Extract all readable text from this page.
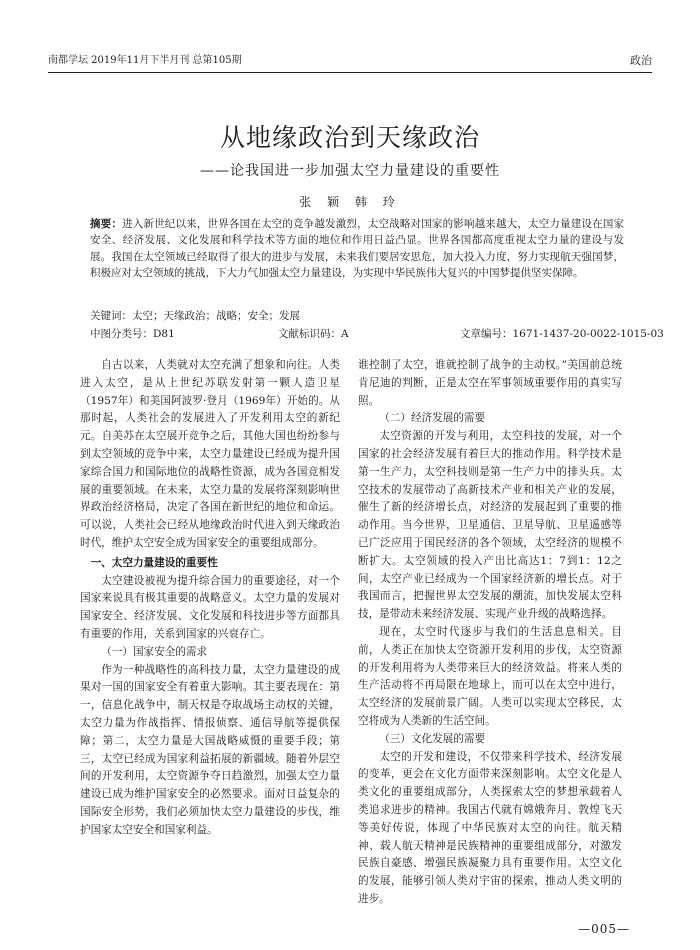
南都学坛 2019年11月下半月刊 总第105期	政治
从地缘政治到天缘政治
——论我国进一步加强太空力量建设的重要性
张 颖 韩 玲
摘要：进入新世纪以来，世界各国在太空的竞争越发激烈，太空战略对国家的影响越来越大，太空力量建设在国家安全、经济发展、文化发展和科学技术等方面的地位和作用日益凸显。世界各国都高度重视太空力量的建设与发展。我国在太空领域已经取得了很大的进步与发展，未来我们要居安思危，加大投入力度，努力实现航天强国梦，积极应对太空领域的挑战，下大力气加强太空力量建设，为实现中华民族伟大复兴的中国梦提供坚实保障。
关键词：太空；天缘政治；战略；安全；发展
中图分类号：D81	文献标识码：A	文章编号：1671-1437-20-0022-1015-03

自古以来，人类就对太空充满了想象和向往。人类进入太空，是从上世纪苏联发射第一颗人造卫星（1957年）和美国阿波罗·登月（1969年）开始的。从那时起，人类社会的发展进入了开发利用太空的新纪元。自美苏在太空展开竞争之后，其他大国也纷纷参与到太空领域的竞争中来，太空力量建设已经成为提升国家综合国力和国际地位的战略性资源，成为各国竞相发展的重要领域。在未来，太空力量的发展将深刻影响世界政治经济格局，决定了各国在新世纪的地位和命运。可以说，人类社会已经从地缘政治时代进入到天缘政治时代，维护太空安全成为国家安全的重要组成部分。

一、太空力量建设的重要性

太空建设被视为提升综合国力的重要途径，对一个国家来说具有极其重要的战略意义。太空力量的发展对国家安全、经济发展、文化发展和科技进步等方面都具有重要的作用，关系到国家的兴衰存亡。

（一）国家安全的需求

作为一种战略性的高科技力量，太空力量建设的成果对一国的国家安全有着重大影响。其主要表现在：第一，信息化战争中，制天权是夺取战场主动权的关键，太空力量为作战指挥、情报侦察、通信导航等提供保障；第二，太空力量是大国战略威慑的重要手段；第三，太空已经成为国家利益拓展的新疆域。随着外层空间的开发利用，太空资源争夺日趋激烈，加强太空力量建设已成为维护国家安全的必然要求。面对日益复杂的国际安全形势，我们必须加快太空力量建设的步伐，维护国家太空安全和国家利益。

谁控制了太空，谁就控制了战争的主动权。”美国前总统肯尼迪的判断，正是太空在军事领域重要作用的真实写照。

（二）经济发展的需要

太空资源的开发与利用，太空科技的发展，对一个国家的社会经济发展有着巨大的推动作用。科学技术是第一生产力，太空科技则是第一生产力中的排头兵。太空技术的发展带动了高新技术产业和相关产业的发展，催生了新的经济增长点，对经济的发展起到了重要的推动作用。当今世界，卫星通信、卫星导航、卫星遥感等已广泛应用于国民经济的各个领域，太空经济的规模不断扩大。太空领域的投入产出比高达1：7到1：12之间，太空产业已经成为一个国家经济新的增长点。对于我国而言，把握世界太空发展的潮流，加快发展太空科技，是带动未来经济发展、实现产业升级的战略选择。

现在，太空时代逐步与我们的生活息息相关。目前，人类正在加快太空资源开发利用的步伐，太空资源的开发利用将为人类带来巨大的经济效益。将来人类的生产活动将不再局限在地球上，而可以在太空中进行，太空经济的发展前景广阔。人类可以实现太空移民，太空将成为人类新的生活空间。

（三）文化发展的需要

太空的开发和建设，不仅带来科学技术、经济发展的变革，更会在文化方面带来深刻影响。太空文化是人类文化的重要组成部分，人类探索太空的梦想承载着人类追求进步的精神。我国古代就有嫦娥奔月、敦煌飞天等美好传说，体现了中华民族对太空的向往。航天精神、载人航天精神是民族精神的重要组成部分，对激发民族自豪感、增强民族凝聚力具有重要作用。太空文化的发展，能够引领人类对宇宙的探索，推动人类文明的进步。

—005—
